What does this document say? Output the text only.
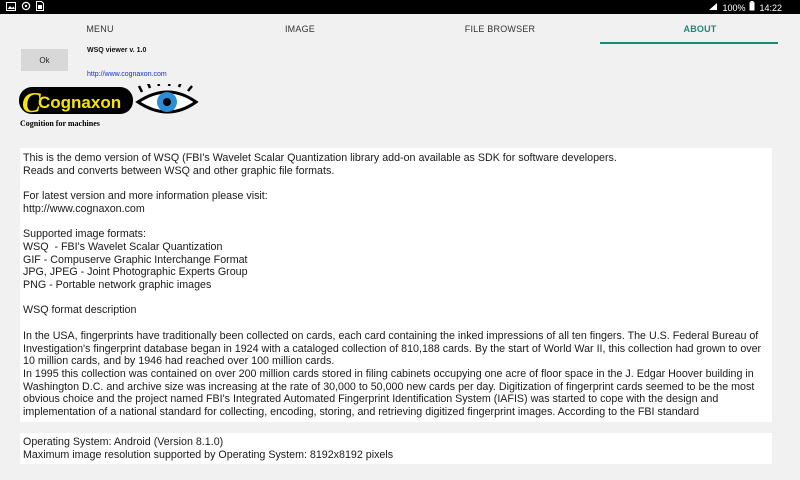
100% 14:22
MENU	IMAGE	FILE BROWSER	ABOUT
Ok
WSQ viewer v. 1.0
http://www.cognaxon.com
C
Cognaxon
Cognition for machines
This is the demo version of WSQ (FBI's Wavelet Scalar Quantization library add-on available as SDK for software developers.
Reads and converts between WSQ and other graphic file formats.

For latest version and more information please visit:
http://www.cognaxon.com

Supported image formats:
WSQ  - FBI's Wavelet Scalar Quantization
GIF - Compuserve Graphic Interchange Format
JPG, JPEG - Joint Photographic Experts Group
PNG - Portable network graphic images

WSQ format description

In the USA, fingerprints have traditionally been collected on cards, each card containing the inked impressions of all ten fingers. The U.S. Federal Bureau of Investigation's fingerprint database began in 1924 with a cataloged collection of 810,188 cards. By the start of World War II, this collection had grown to over 10 million cards, and by 1946 had reached over 100 million cards.
In 1995 this collection was contained on over 200 million cards stored in filing cabinets occupying one acre of floor space in the J. Edgar Hoover building in Washington D.C. and archive size was increasing at the rate of 30,000 to 50,000 new cards per day. Digitization of fingerprint cards seemed to be the most obvious choice and the project named FBI's Integrated Automated Fingerprint Identification System (IAFIS) was started to cope with the design and implementation of a national standard for collecting, encoding, storing, and retrieving digitized fingerprint images. According to the FBI standard
Operating System: Android (Version 8.1.0)
Maximum image resolution supported by Operating System: 8192x8192 pixels
